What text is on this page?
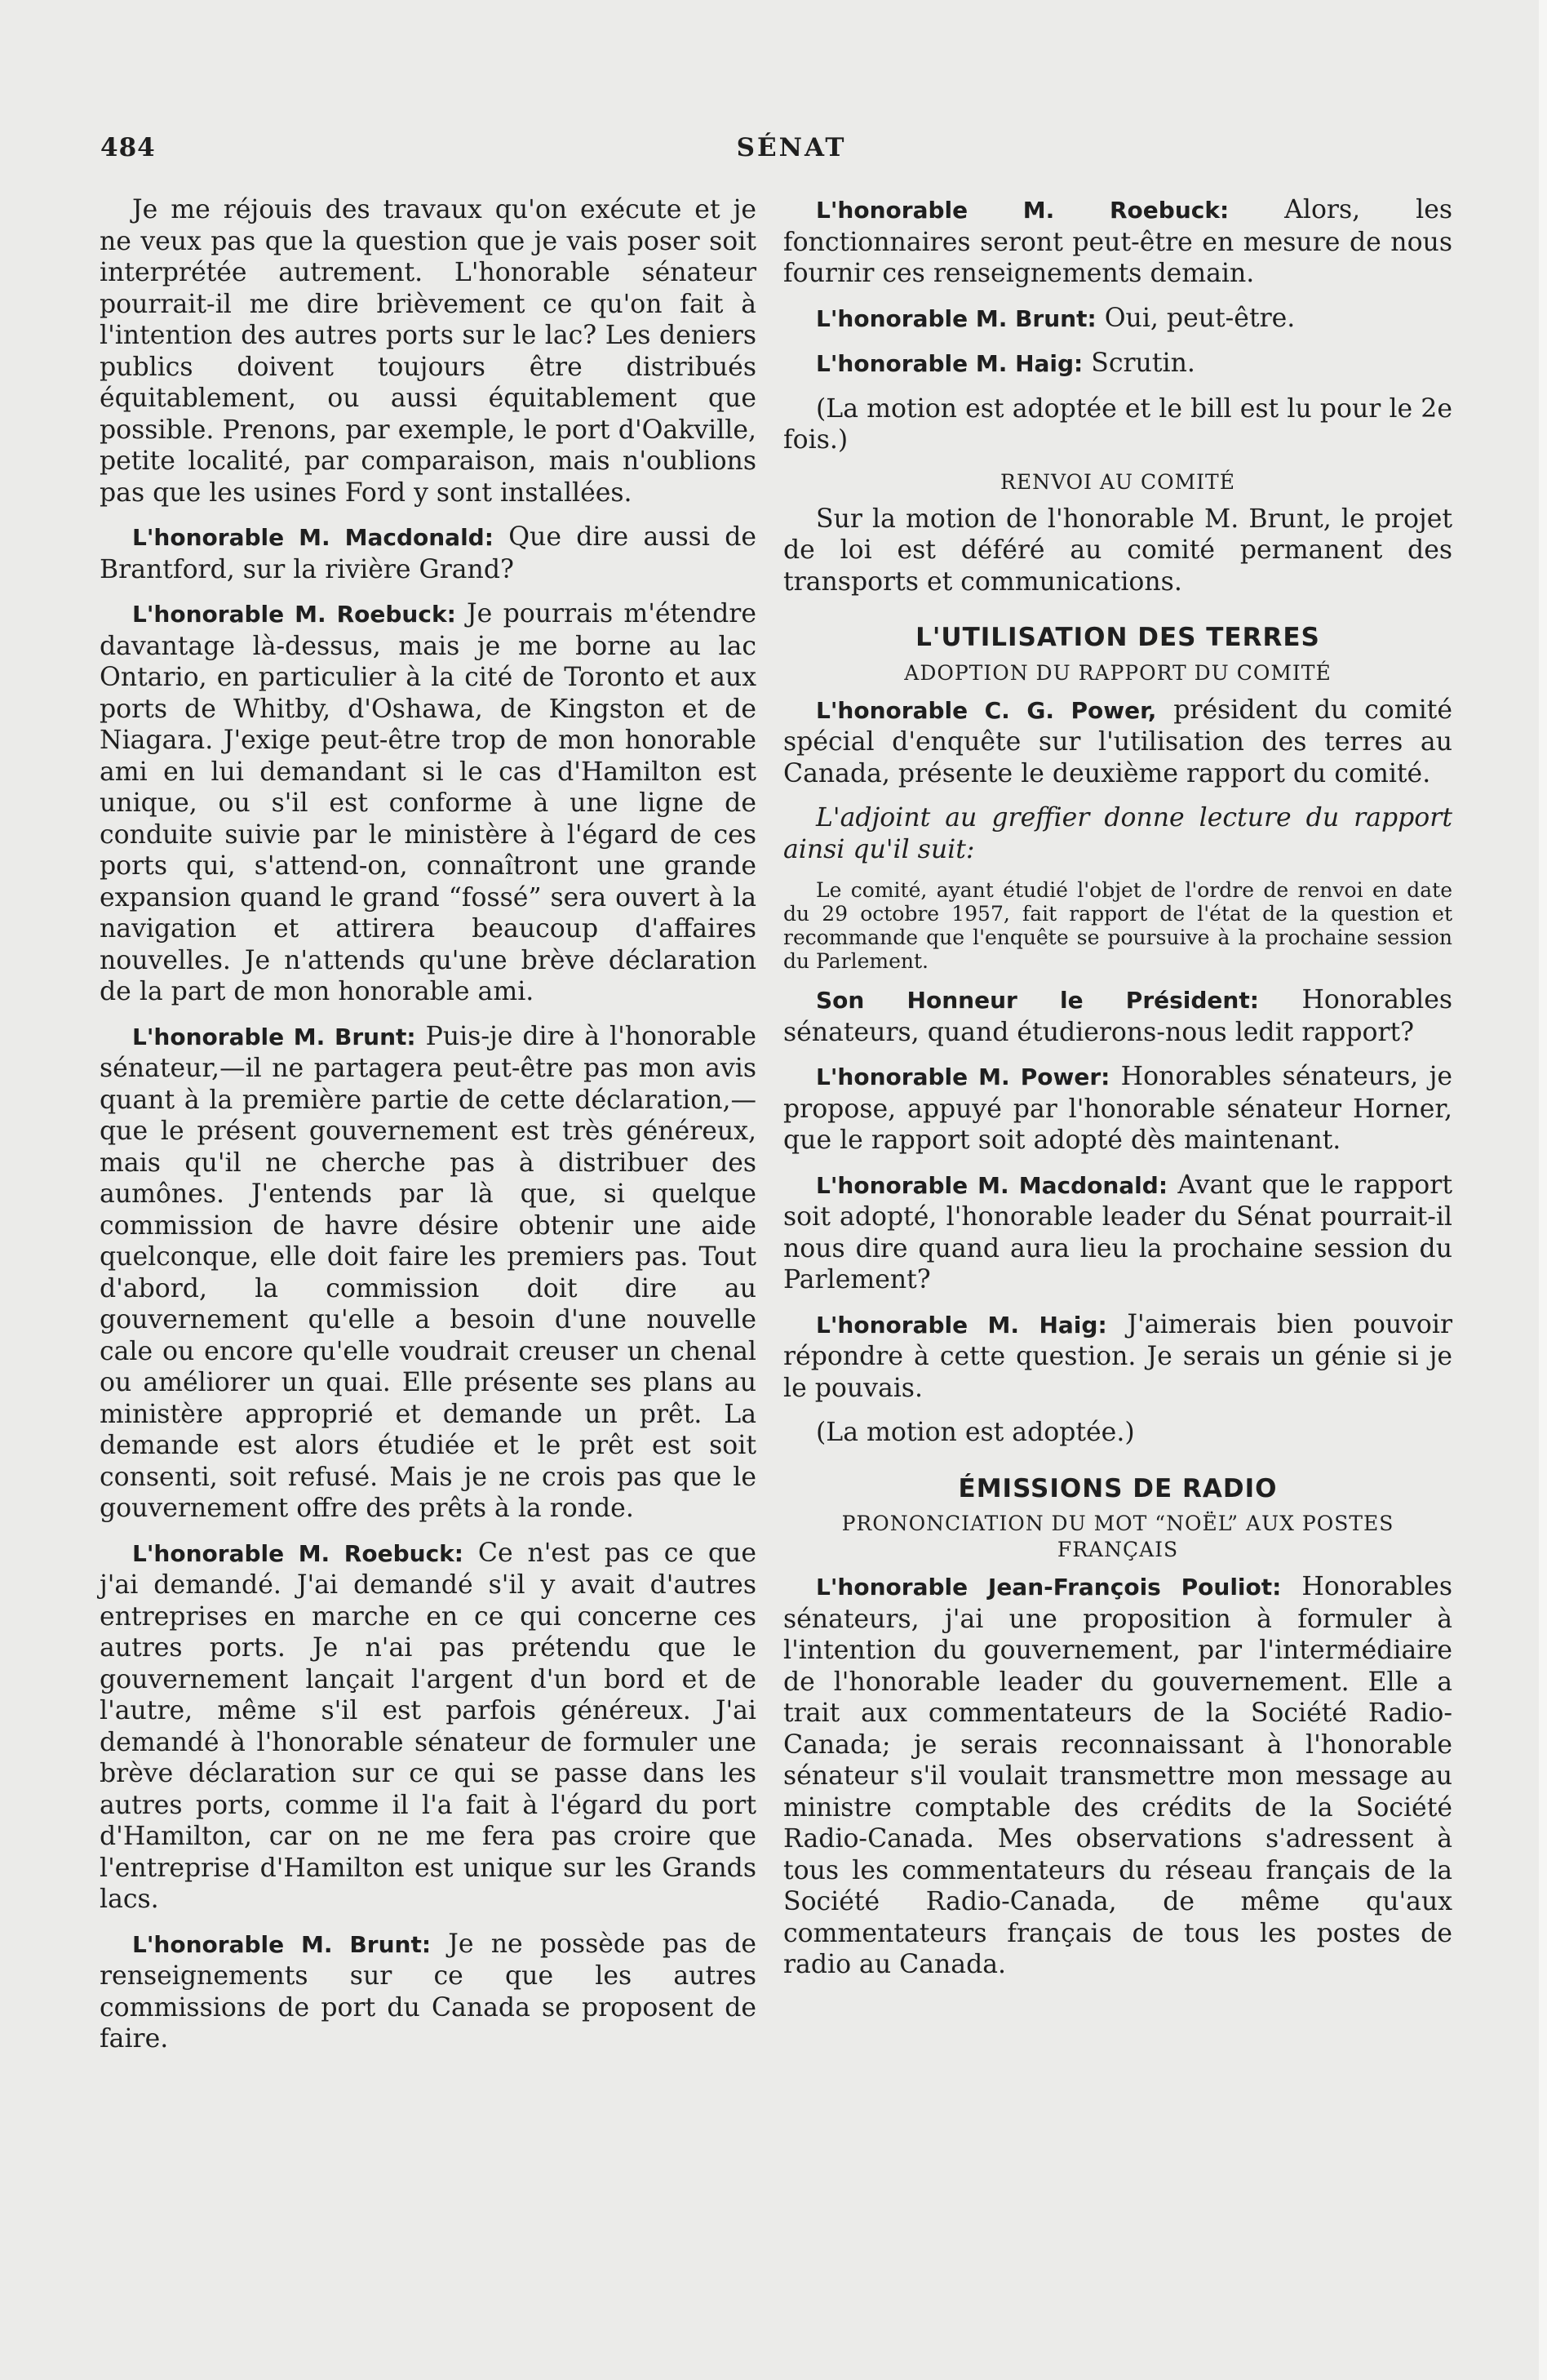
484	SÉNAT

Je me réjouis des travaux qu'on exécute et je ne veux pas que la question que je vais poser soit interprétée autrement. L'honorable sénateur pourrait-il me dire brièvement ce qu'on fait à l'intention des autres ports sur le lac? Les deniers publics doivent toujours être distribués équitablement, ou aussi équitablement que possible. Prenons, par exemple, le port d'Oakville, petite localité, par comparaison, mais n'oublions pas que les usines Ford y sont installées.

L'honorable M. Macdonald: Que dire aussi de Brantford, sur la rivière Grand?

L'honorable M. Roebuck: Je pourrais m'étendre davantage là-dessus, mais je me borne au lac Ontario, en particulier à la cité de Toronto et aux ports de Whitby, d'Oshawa, de Kingston et de Niagara. J'exige peut-être trop de mon honorable ami en lui demandant si le cas d'Hamilton est unique, ou s'il est conforme à une ligne de conduite suivie par le ministère à l'égard de ces ports qui, s'attend-on, connaîtront une grande expansion quand le grand “fossé” sera ouvert à la navigation et attirera beaucoup d'affaires nouvelles. Je n'attends qu'une brève déclaration de la part de mon honorable ami.

L'honorable M. Brunt: Puis-je dire à l'honorable sénateur,—il ne partagera peut-être pas mon avis quant à la première partie de cette déclaration,—que le présent gouvernement est très généreux, mais qu'il ne cherche pas à distribuer des aumônes. J'entends par là que, si quelque commission de havre désire obtenir une aide quelconque, elle doit faire les premiers pas. Tout d'abord, la commission doit dire au gouvernement qu'elle a besoin d'une nouvelle cale ou encore qu'elle voudrait creuser un chenal ou améliorer un quai. Elle présente ses plans au ministère approprié et demande un prêt. La demande est alors étudiée et le prêt est soit consenti, soit refusé. Mais je ne crois pas que le gouvernement offre des prêts à la ronde.

L'honorable M. Roebuck: Ce n'est pas ce que j'ai demandé. J'ai demandé s'il y avait d'autres entreprises en marche en ce qui concerne ces autres ports. Je n'ai pas prétendu que le gouvernement lançait l'argent d'un bord et de l'autre, même s'il est parfois généreux. J'ai demandé à l'honorable sénateur de formuler une brève déclaration sur ce qui se passe dans les autres ports, comme il l'a fait à l'égard du port d'Hamilton, car on ne me fera pas croire que l'entreprise d'Hamilton est unique sur les Grands lacs.

L'honorable M. Brunt: Je ne possède pas de renseignements sur ce que les autres commissions de port du Canada se proposent de faire.

L'honorable M. Roebuck: Alors, les fonctionnaires seront peut-être en mesure de nous fournir ces renseignements demain.

L'honorable M. Brunt: Oui, peut-être.

L'honorable M. Haig: Scrutin.

(La motion est adoptée et le bill est lu pour le 2e fois.)

RENVOI AU COMITÉ

Sur la motion de l'honorable M. Brunt, le projet de loi est déféré au comité permanent des transports et communications.

L'UTILISATION DES TERRES
ADOPTION DU RAPPORT DU COMITÉ

L'honorable C. G. Power, président du comité spécial d'enquête sur l'utilisation des terres au Canada, présente le deuxième rapport du comité.

L'adjoint au greffier donne lecture du rapport ainsi qu'il suit:

Le comité, ayant étudié l'objet de l'ordre de renvoi en date du 29 octobre 1957, fait rapport de l'état de la question et recommande que l'enquête se poursuive à la prochaine session du Parlement.

Son Honneur le Président: Honorables sénateurs, quand étudierons-nous ledit rapport?

L'honorable M. Power: Honorables sénateurs, je propose, appuyé par l'honorable sénateur Horner, que le rapport soit adopté dès maintenant.

L'honorable M. Macdonald: Avant que le rapport soit adopté, l'honorable leader du Sénat pourrait-il nous dire quand aura lieu la prochaine session du Parlement?

L'honorable M. Haig: J'aimerais bien pouvoir répondre à cette question. Je serais un génie si je le pouvais.

(La motion est adoptée.)

ÉMISSIONS DE RADIO
PRONONCIATION DU MOT “NOËL” AUX POSTES FRANÇAIS

L'honorable Jean-François Pouliot: Honorables sénateurs, j'ai une proposition à formuler à l'intention du gouvernement, par l'intermédiaire de l'honorable leader du gouvernement. Elle a trait aux commentateurs de la Société Radio-Canada; je serais reconnaissant à l'honorable sénateur s'il voulait transmettre mon message au ministre comptable des crédits de la Société Radio-Canada. Mes observations s'adressent à tous les commentateurs du réseau français de la Société Radio-Canada, de même qu'aux commentateurs français de tous les postes de radio au Canada.
